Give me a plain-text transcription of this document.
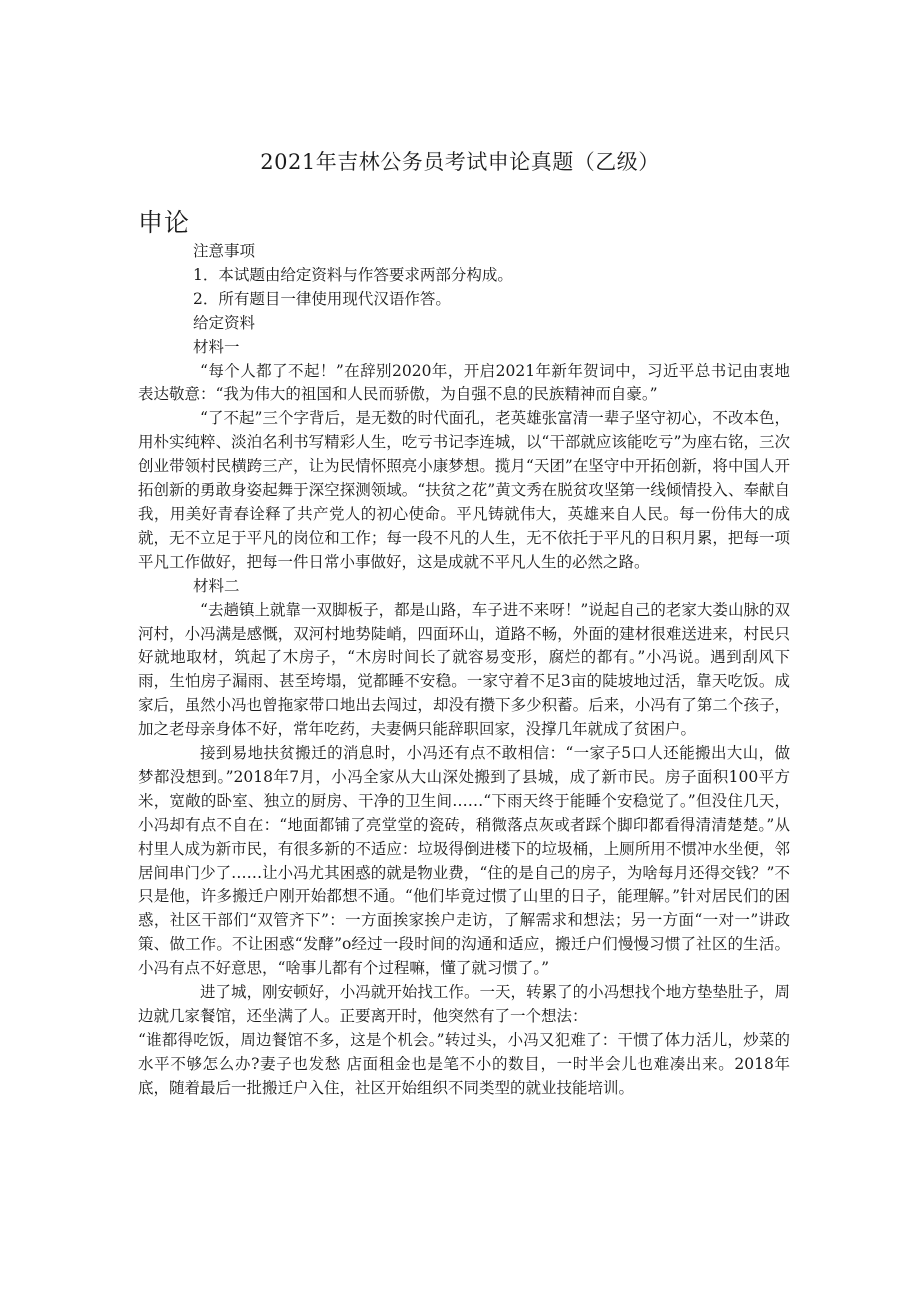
2021年吉林公务员考试申论真题（乙级）
申论

注意事项

1．本试题由给定资料与作答要求两部分构成。

2．所有题目一律使用现代汉语作答。

给定资料

材料一

“每个人都了不起！”在辞别2020年，开启2021年新年贺词中，习近平总书记由衷地表达敬意：“我为伟大的祖国和人民而骄傲，为自强不息的民族精神而自豪。”

“了不起”三个字背后，是无数的时代面孔，老英雄张富清一辈子坚守初心，不改本色，用朴实纯粹、淡泊名利书写精彩人生，吃亏书记李连城，以“干部就应该能吃亏”为座右铭，三次创业带领村民横跨三产，让为民情怀照亮小康梦想。揽月“天团”在坚守中开拓创新，将中国人开拓创新的勇敢身姿起舞于深空探测领域。“扶贫之花”黄文秀在脱贫攻坚第一线倾情投入、奉献自我，用美好青春诠释了共产党人的初心使命。平凡铸就伟大，英雄来自人民。每一份伟大的成就，无不立足于平凡的岗位和工作；每一段不凡的人生，无不依托于平凡的日积月累，把每一项平凡工作做好，把每一件日常小事做好，这是成就不平凡人生的必然之路。

材料二

“去趟镇上就靠一双脚板子，都是山路，车子进不来呀！”说起自己的老家大娄山脉的双河村，小冯满是感慨，双河村地势陡峭，四面环山，道路不畅，外面的建材很难送进来，村民只好就地取材，筑起了木房子，“木房时间长了就容易变形，腐烂的都有。”小冯说。遇到刮风下雨，生怕房子漏雨、甚至垮塌，觉都睡不安稳。一家守着不足3亩的陡坡地过活，靠天吃饭。成家后，虽然小冯也曾拖家带口地出去闯过，却没有攒下多少积蓄。后来，小冯有了第二个孩子，加之老母亲身体不好，常年吃药，夫妻俩只能辞职回家，没撑几年就成了贫困户。

接到易地扶贫搬迁的消息时，小冯还有点不敢相信：“一家子5口人还能搬出大山，做梦都没想到。”2018年7月，小冯全家从大山深处搬到了县城，成了新市民。房子面积100平方米，宽敞的卧室、独立的厨房、干净的卫生间……“下雨天终于能睡个安稳觉了。”但没住几天，小冯却有点不自在：“地面都铺了亮堂堂的瓷砖，稍微落点灰或者踩个脚印都看得清清楚楚。”从村里人成为新市民，有很多新的不适应：垃圾得倒进楼下的垃圾桶，上厕所用不惯冲水坐便，邻居间串门少了……让小冯尤其困惑的就是物业费，“住的是自己的房子，为啥每月还得交钱？”不只是他，许多搬迁户刚开始都想不通。“他们毕竟过惯了山里的日子，能理解。”针对居民们的困惑，社区干部们“双管齐下”：一方面挨家挨户走访，了解需求和想法；另一方面“一对一”讲政策、做工作。不让困惑“发酵”o经过一段时间的沟通和适应，搬迁户们慢慢习惯了社区的生活。小冯有点不好意思，“啥事儿都有个过程嘛，懂了就习惯了。”

进了城，刚安顿好，小冯就开始找工作。一天，转累了的小冯想找个地方垫垫肚子，周边就几家餐馆，还坐满了人。正要离开时，他突然有了一个想法：

“谁都得吃饭，周边餐馆不多，这是个机会。”转过头，小冯又犯难了：干惯了体力活儿，炒菜的水平不够怎么办?妻子也发愁 店面租金也是笔不小的数目，一时半会儿也难凑出来。2018年底，随着最后一批搬迁户入住，社区开始组织不同类型的就业技能培训。
